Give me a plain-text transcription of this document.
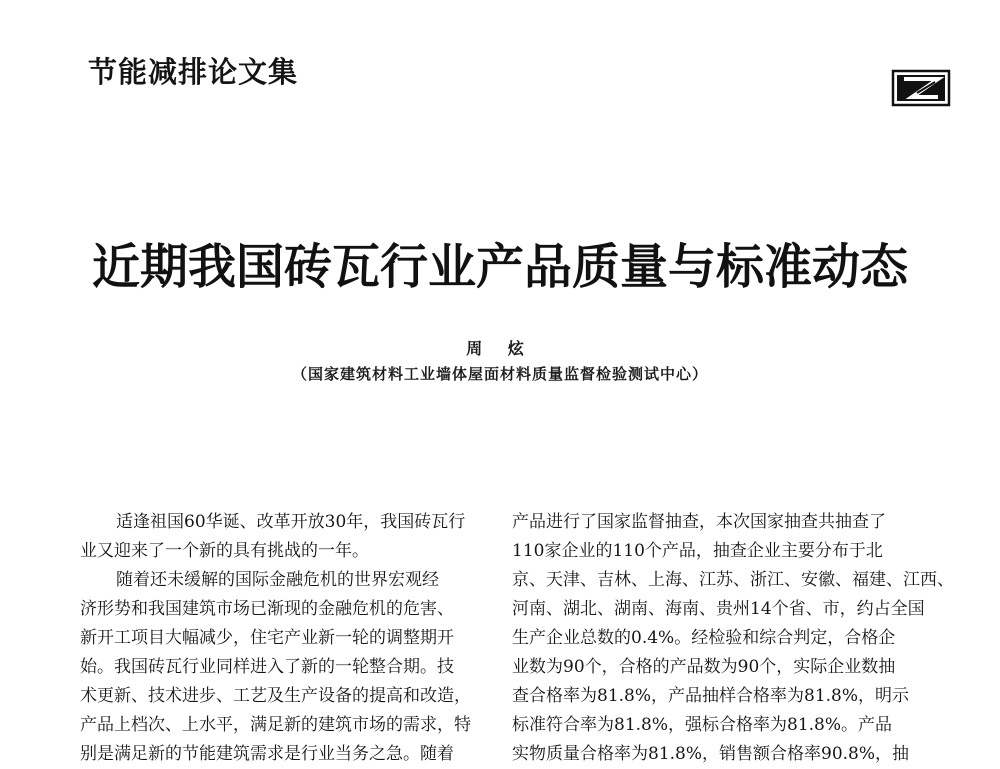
节能减排论文集
近期我国砖瓦行业产品质量与标准动态
周 炫
（国家建筑材料工业墙体屋面材料质量监督检验测试中心）
适逢祖国60华诞、改革开放30年，我国砖瓦行
业又迎来了一个新的具有挑战的一年。
随着还未缓解的国际金融危机的世界宏观经
济形势和我国建筑市场已渐现的金融危机的危害、
新开工项目大幅减少，住宅产业新一轮的调整期开
始。我国砖瓦行业同样进入了新的一轮整合期。技
术更新、技术进步、工艺及生产设备的提高和改造，
产品上档次、上水平，满足新的建筑市场的需求，特
别是满足新的节能建筑需求是行业当务之急。随着
产品进行了国家监督抽查，本次国家抽查共抽查了
110家企业的110个产品，抽查企业主要分布于北
京、天津、吉林、上海、江苏、浙江、安徽、福建、江西、
河南、湖北、湖南、海南、贵州14个省、市，约占全国
生产企业总数的0.4%。经检验和综合判定，合格企
业数为90个，合格的产品数为90个，实际企业数抽
查合格率为81.8%，产品抽样合格率为81.8%，明示
标准符合率为81.8%，强标合格率为81.8%。产品
实物质量合格率为81.8%，销售额合格率90.8%，抽
